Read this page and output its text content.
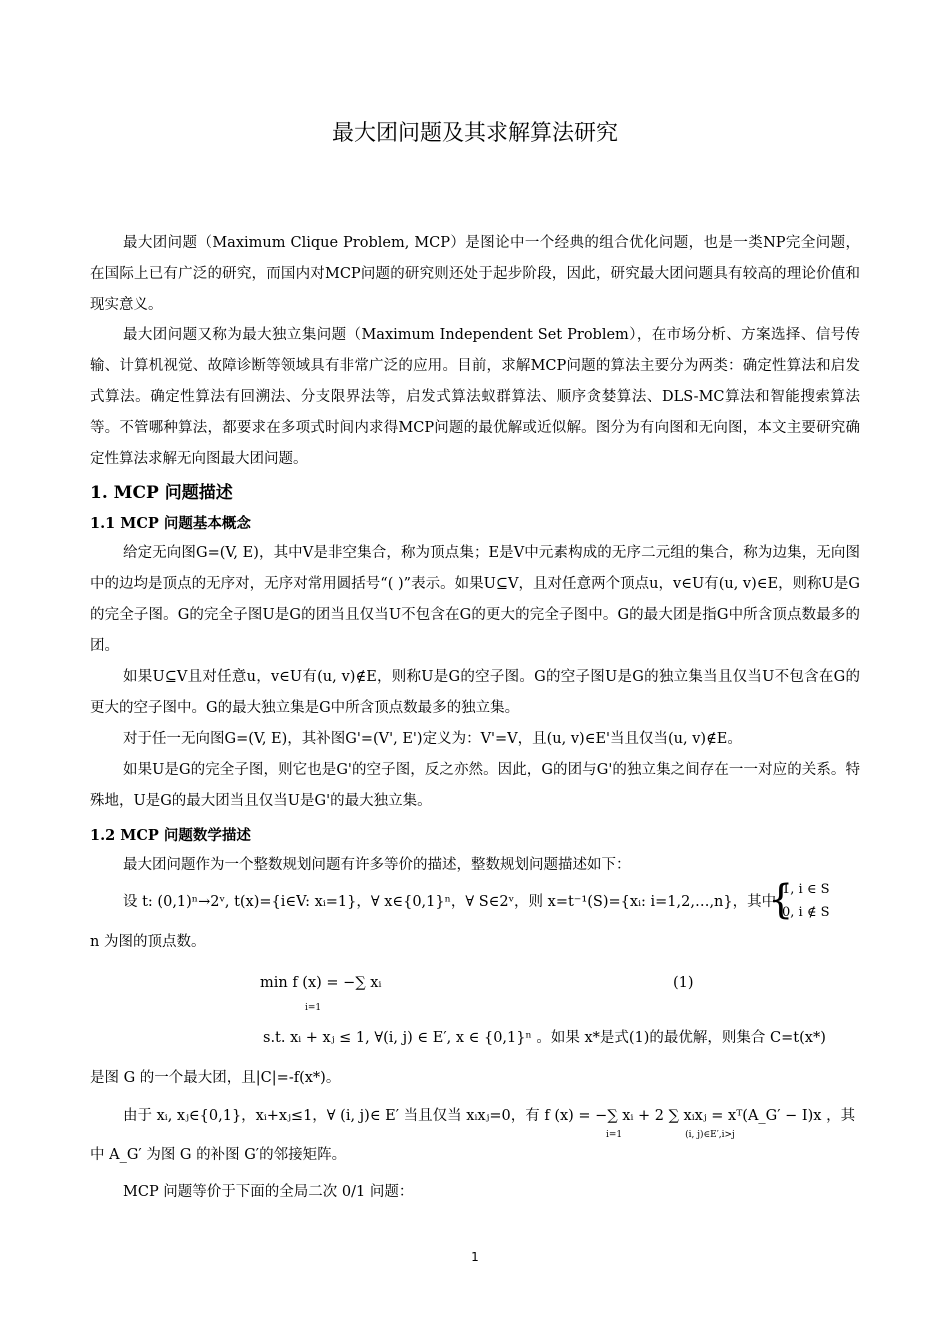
最大团问题及其求解算法研究

最大团问题（Maximum Clique Problem, MCP）是图论中一个经典的组合优化问题，也是一类NP完全问题，在国际上已有广泛的研究，而国内对MCP问题的研究则还处于起步阶段，因此，研究最大团问题具有较高的理论价值和现实意义。

最大团问题又称为最大独立集问题（Maximum Independent Set Problem），在市场分析、方案选择、信号传输、计算机视觉、故障诊断等领域具有非常广泛的应用。目前，求解MCP问题的算法主要分为两类：确定性算法和启发式算法。确定性算法有回溯法、分支限界法等，启发式算法蚁群算法、顺序贪婪算法、DLS-MC算法和智能搜索算法等。不管哪种算法，都要求在多项式时间内求得MCP问题的最优解或近似解。图分为有向图和无向图，本文主要研究确定性算法求解无向图最大团问题。

1. MCP 问题描述

1.1 MCP 问题基本概念

给定无向图G=(V, E)，其中V是非空集合，称为顶点集；E是V中元素构成的无序二元组的集合，称为边集，无向图中的边均是顶点的无序对，无序对常用圆括号“( )”表示。如果U⊆V，且对任意两个顶点u，v∈U有(u, v)∈E，则称U是G的完全子图。G的完全子图U是G的团当且仅当U不包含在G的更大的完全子图中。G的最大团是指G中所含顶点数最多的团。

如果U⊆V且对任意u，v∈U有(u, v)∉E，则称U是G的空子图。G的空子图U是G的独立集当且仅当U不包含在G的更大的空子图中。G的最大独立集是G中所含顶点数最多的独立集。

对于任一无向图G=(V, E)，其补图G'=(V', E')定义为：V'=V，且(u, v)∈E'当且仅当(u, v)∉E。

如果U是G的完全子图，则它也是G'的空子图，反之亦然。因此，G的团与G'的独立集之间存在一一对应的关系。特殊地，U是G的最大团当且仅当U是G'的最大独立集。

1.2 MCP 问题数学描述

最大团问题作为一个整数规划问题有许多等价的描述，整数规划问题描述如下：

设 t: (0,1)ⁿ→2ᵛ, t(x)={i∈V: xᵢ=1}，∀ x∈{0,1}ⁿ，∀ S∈2ᵛ，则 x=t⁻¹(S)={xᵢ: i=1,2,…,n}，其中

{

1, i ∈ S

0, i ∉ S

n 为图的顶点数。

min f (x) = −∑ xᵢ

i=1

(1)

s.t. xᵢ + xⱼ ≤ 1, ∀(i, j) ∈ E′, x ∈ {0,1}ⁿ 。如果 x*是式(1)的最优解，则集合 C=t(x*)

是图 G 的一个最大团，且|C|=-f(x*)。

由于 xᵢ, xⱼ∈{0,1}，xᵢ+xⱼ≤1，∀ (i, j)∈ E′ 当且仅当 xᵢxⱼ=0，有 f (x) = −∑ xᵢ + 2 ∑ xᵢxⱼ = xᵀ(A_G′ − I)x ，其

i=1                      (i, j)∈E′,i>j

中 A_G′ 为图 G 的补图 G′的邻接矩阵。

MCP 问题等价于下面的全局二次 0/1 问题：

1
